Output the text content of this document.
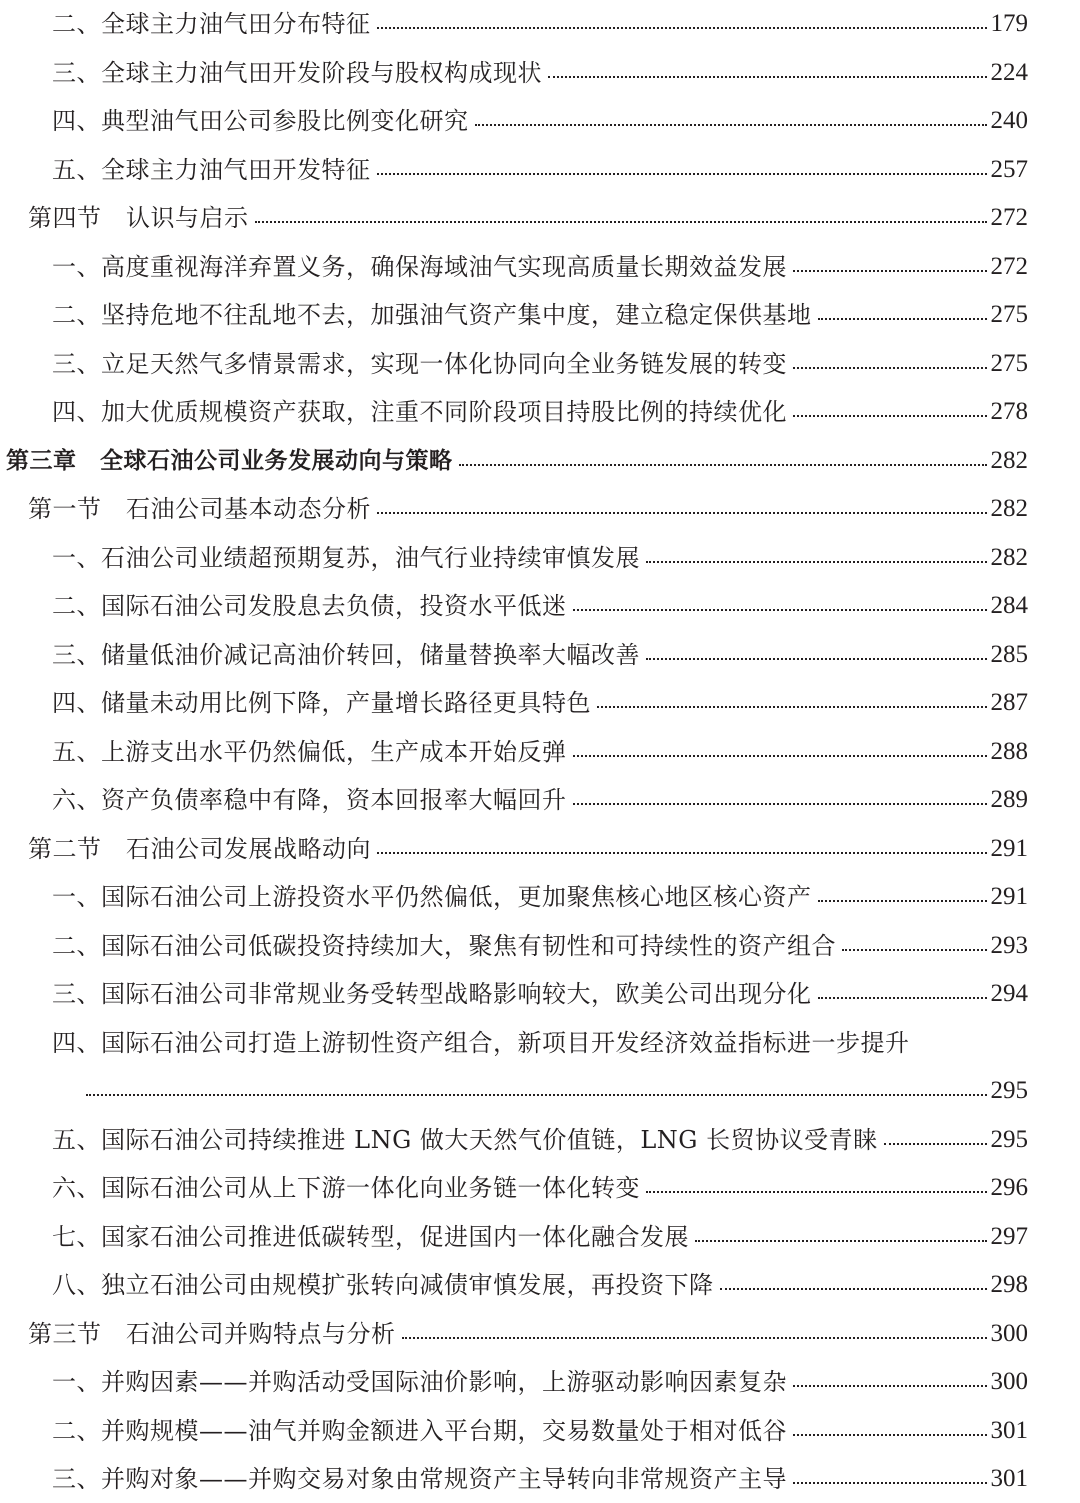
二、全球主力油气田分布特征	179
三、全球主力油气田开发阶段与股权构成现状	224
四、典型油气田公司参股比例变化研究	240
五、全球主力油气田开发特征	257
第四节　认识与启示	272
一、高度重视海洋弃置义务，确保海域油气实现高质量长期效益发展	272
二、坚持危地不往乱地不去，加强油气资产集中度，建立稳定保供基地	275
三、立足天然气多情景需求，实现一体化协同向全业务链发展的转变	275
四、加大优质规模资产获取，注重不同阶段项目持股比例的持续优化	278
第三章　全球石油公司业务发展动向与策略	282
第一节　石油公司基本动态分析	282
一、石油公司业绩超预期复苏，油气行业持续审慎发展	282
二、国际石油公司发股息去负债，投资水平低迷	284
三、储量低油价减记高油价转回，储量替换率大幅改善	285
四、储量未动用比例下降，产量增长路径更具特色	287
五、上游支出水平仍然偏低，生产成本开始反弹	288
六、资产负债率稳中有降，资本回报率大幅回升	289
第二节　石油公司发展战略动向	291
一、国际石油公司上游投资水平仍然偏低，更加聚焦核心地区核心资产	291
二、国际石油公司低碳投资持续加大，聚焦有韧性和可持续性的资产组合	293
三、国际石油公司非常规业务受转型战略影响较大，欧美公司出现分化	294
四、国际石油公司打造上游韧性资产组合，新项目开发经济效益指标进一步提升
295
五、国际石油公司持续推进 LNG 做大天然气价值链，LNG 长贸协议受青睐	295
六、国际石油公司从上下游一体化向业务链一体化转变	296
七、国家石油公司推进低碳转型，促进国内一体化融合发展	297
八、独立石油公司由规模扩张转向减债审慎发展，再投资下降	298
第三节　石油公司并购特点与分析	300
一、并购因素——并购活动受国际油价影响，上游驱动影响因素复杂	300
二、并购规模——油气并购金额进入平台期，交易数量处于相对低谷	301
三、并购对象——并购交易对象由常规资产主导转向非常规资产主导	301
